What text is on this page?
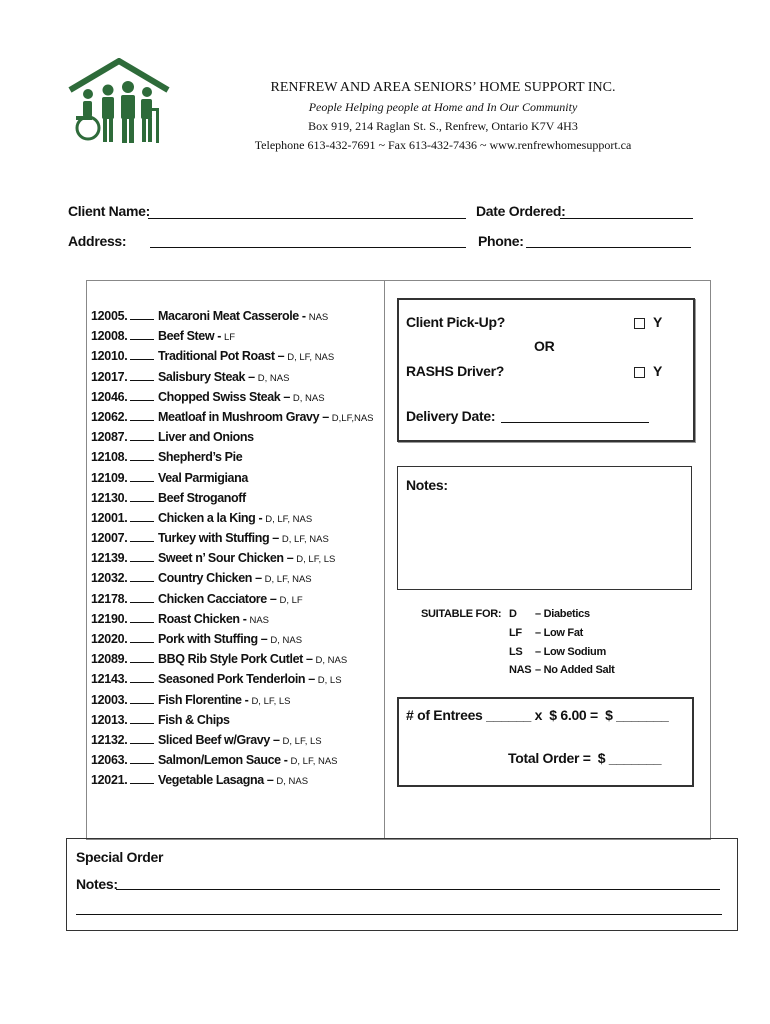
RENFREW AND AREA SENIORS’ HOME SUPPORT INC.
People Helping people at Home and In Our Community
Box 919, 214 Raglan St. S., Renfrew, Ontario K7V 4H3
Telephone 613-432-7691 ~ Fax 613-432-7436 ~ www.renfrewhomesupport.ca
Client Name:	Date Ordered:
Address:	Phone:
12005. Macaroni Meat Casserole - NAS
12008. Beef Stew - LF
12010. Traditional Pot Roast – D, LF, NAS
12017. Salisbury Steak – D, NAS
12046. Chopped Swiss Steak – D, NAS
12062. Meatloaf in Mushroom Gravy – D,LF,NAS
12087. Liver and Onions
12108. Shepherd’s Pie
12109. Veal Parmigiana
12130. Beef Stroganoff
12001. Chicken a la King - D, LF, NAS
12007. Turkey with Stuffing – D, LF, NAS
12139. Sweet n’ Sour Chicken – D, LF, LS
12032. Country Chicken – D, LF, NAS
12178. Chicken Cacciatore – D, LF
12190. Roast Chicken - NAS
12020. Pork with Stuffing – D, NAS
12089. BBQ Rib Style Pork Cutlet – D, NAS
12143. Seasoned Pork Tenderloin – D, LS
12003. Fish Florentine - D, LF, LS
12013. Fish & Chips
12132. Sliced Beef w/Gravy – D, LF, LS
12063. Salmon/Lemon Sauce - D, LF, NAS
12021. Vegetable Lasagna – D, NAS
Client Pick-Up?	Y
OR
RASHS Driver?	Y
Delivery Date:
Notes:
SUITABLE FOR: D – Diabetics
LF – Low Fat
LS – Low Sodium
NAS – No Added Salt
# of Entrees ______ x  $ 6.00 =  $ _______
Total Order =  $ _______
Special Order
Notes:
